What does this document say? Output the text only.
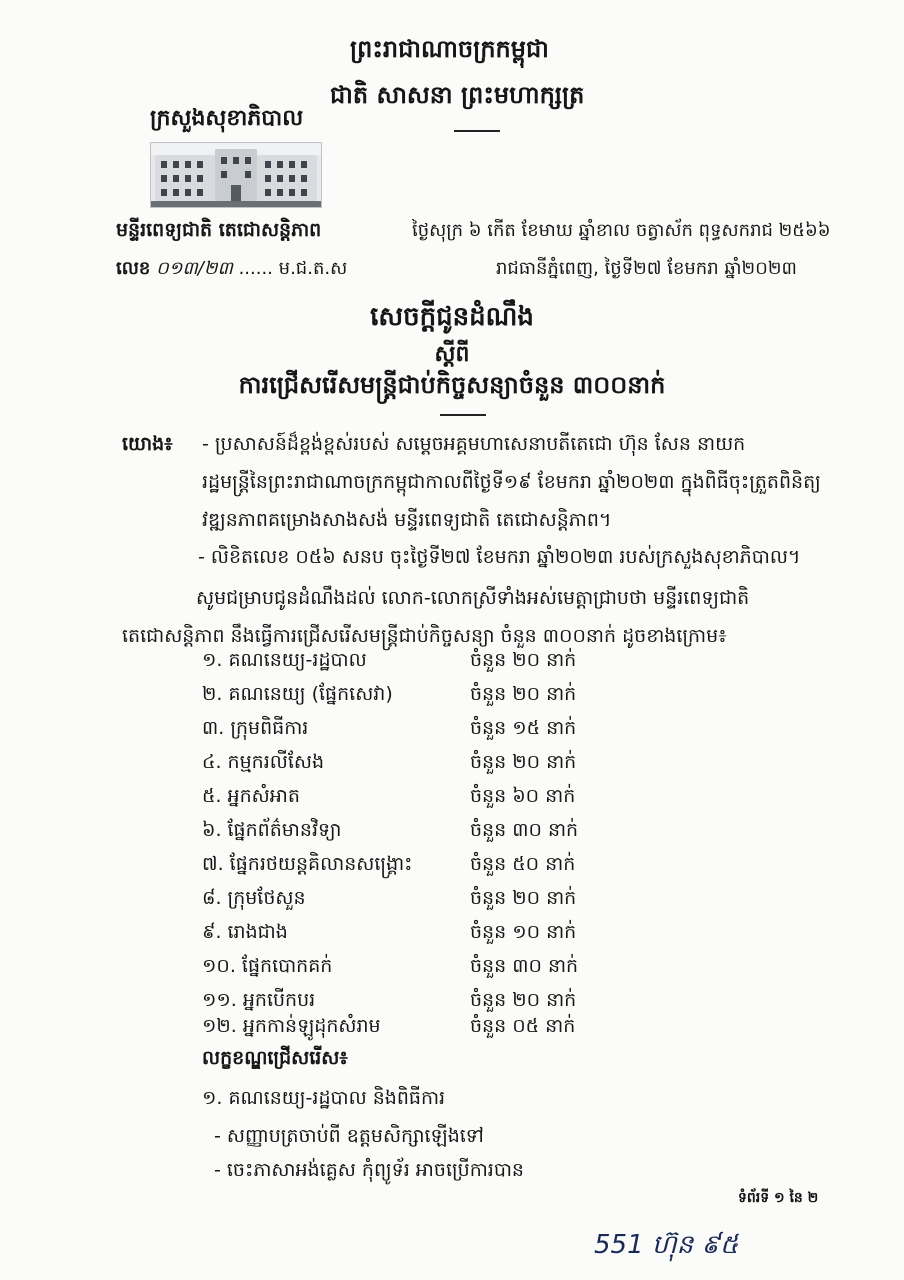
ព្រះរាជាណាចក្រកម្ពុជា
ជាតិ សាសនា ព្រះមហាក្សត្រ
ក្រសួងសុខាភិបាល
មន្ទីរពេទ្យជាតិ តេជោសន្តិភាព	ថ្ងៃសុក្រ ៦ កើត ខែមាឃ ឆ្នាំខាល ចត្វាស័ក ពុទ្ធសករាជ ២៥៦៦
លេខ ០១៣/២៣ ...... ម.ជ.ត.ស	រាជធានីភ្នំពេញ, ថ្ងៃទី២៧ ខែមករា ឆ្នាំ២០២៣
សេចក្តីជូនដំណឹង
ស្តីពី
ការជ្រើសរើសមន្ត្រីជាប់កិច្ចសន្យាចំនួន ៣០០នាក់
យោង៖ - ប្រសាសន៍ដ៏ខ្ពង់ខ្ពស់របស់ សម្តេចអគ្គមហាសេនាបតីតេជោ ហ៊ុន សែន នាយក
រដ្ឋមន្ត្រីនៃព្រះរាជាណាចក្រកម្ពុជាកាលពីថ្ងៃទី១៩ ខែមករា ឆ្នាំ២០២៣ ក្នុងពិធីចុះត្រួតពិនិត្យ
វឌ្ឍនភាពគម្រោងសាងសង់ មន្ទីរពេទ្យជាតិ តេជោសន្តិភាព។
- លិខិតលេខ ០៥៦ សនប ចុះថ្ងៃទី២៧ ខែមករា ឆ្នាំ២០២៣ របស់ក្រសួងសុខាភិបាល។
សូមជម្រាបជូនដំណឹងដល់ លោក-លោកស្រីទាំងអស់មេត្តាជ្រាបថា មន្ទីរពេទ្យជាតិ
តេជោសន្តិភាព នឹងធ្វើការជ្រើសរើសមន្ត្រីជាប់កិច្ចសន្យា ចំនួន ៣០០នាក់ ដូចខាងក្រោម៖
១. គណនេយ្យ-រដ្ឋបាល	ចំនួន ២០ នាក់
២. គណនេយ្យ (ផ្នែកសេវា)	ចំនួន ២០ នាក់
៣. ក្រុមពិធីការ	ចំនួន ១៥ នាក់
៤. កម្មករលីសែង	ចំនួន ២០ នាក់
៥. អ្នកសំអាត	ចំនួន ៦០ នាក់
៦. ផ្នែកព័ត៌មានវិទ្យា	ចំនួន ៣០ នាក់
៧. ផ្នែករថយន្តគិលានសង្គ្រោះ	ចំនួន ៥០ នាក់
៨. ក្រុមថែសួន	ចំនួន ២០ នាក់
៩. រោងជាង	ចំនួន ១០ នាក់
១០. ផ្នែកបោកគក់	ចំនួន ៣០ នាក់
១១. អ្នកបើកបរ	ចំនួន ២០ នាក់
១២. អ្នកកាន់ឡូដុកសំរាម	ចំនួន ០៥ នាក់
លក្ខខណ្ឌជ្រើសរើស៖
១. គណនេយ្យ-រដ្ឋបាល និងពិធីការ
- សញ្ញាបត្រចាប់ពី ឧត្តមសិក្សាឡើងទៅ
- ចេះភាសាអង់គ្លេស កុំព្យូទ័រ អាចប្រើការបាន
ទំព័រទី ១ នៃ ២
551 ហ៊ុន ៩៥
